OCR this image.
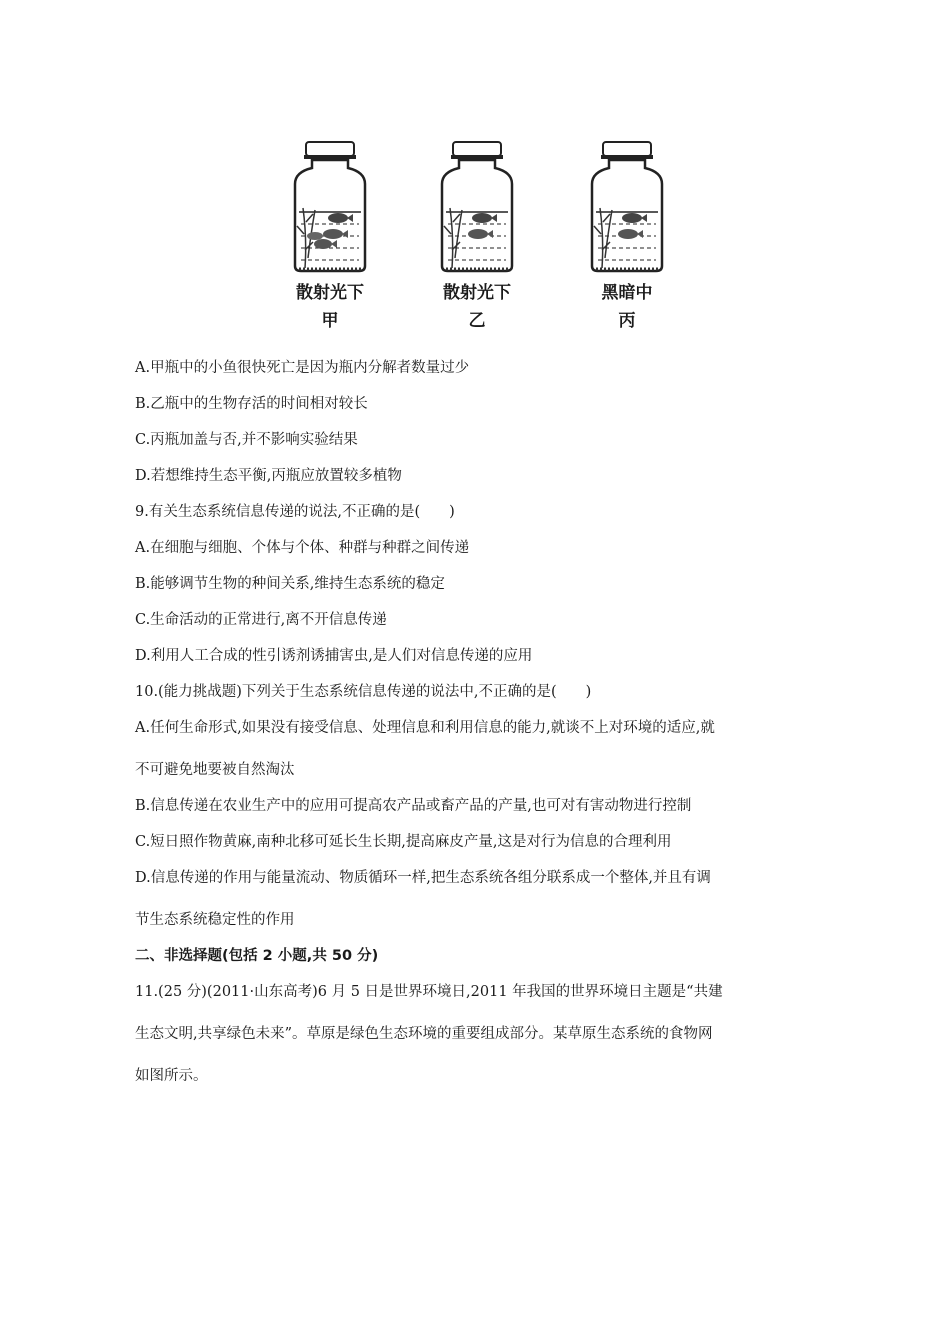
散射光下
甲
散射光下
乙
黑暗中
丙
A.甲瓶中的小鱼很快死亡是因为瓶内分解者数量过少
B.乙瓶中的生物存活的时间相对较长
C.丙瓶加盖与否,并不影响实验结果
D.若想维持生态平衡,丙瓶应放置较多植物
9.有关生态系统信息传递的说法,不正确的是(　　)
A.在细胞与细胞、个体与个体、种群与种群之间传递
B.能够调节生物的种间关系,维持生态系统的稳定
C.生命活动的正常进行,离不开信息传递
D.利用人工合成的性引诱剂诱捕害虫,是人们对信息传递的应用
10.(能力挑战题)下列关于生态系统信息传递的说法中,不正确的是(　　)
A.任何生命形式,如果没有接受信息、处理信息和利用信息的能力,就谈不上对环境的适应,就
不可避免地要被自然淘汰
B.信息传递在农业生产中的应用可提高农产品或畜产品的产量,也可对有害动物进行控制
C.短日照作物黄麻,南种北移可延长生长期,提高麻皮产量,这是对行为信息的合理利用
D.信息传递的作用与能量流动、物质循环一样,把生态系统各组分联系成一个整体,并且有调
节生态系统稳定性的作用
二、非选择题(包括 2 小题,共 50 分)
11.(25 分)(2011·山东高考)6 月 5 日是世界环境日,2011 年我国的世界环境日主题是“共建
生态文明,共享绿色未来”。草原是绿色生态环境的重要组成部分。某草原生态系统的食物网
如图所示。
